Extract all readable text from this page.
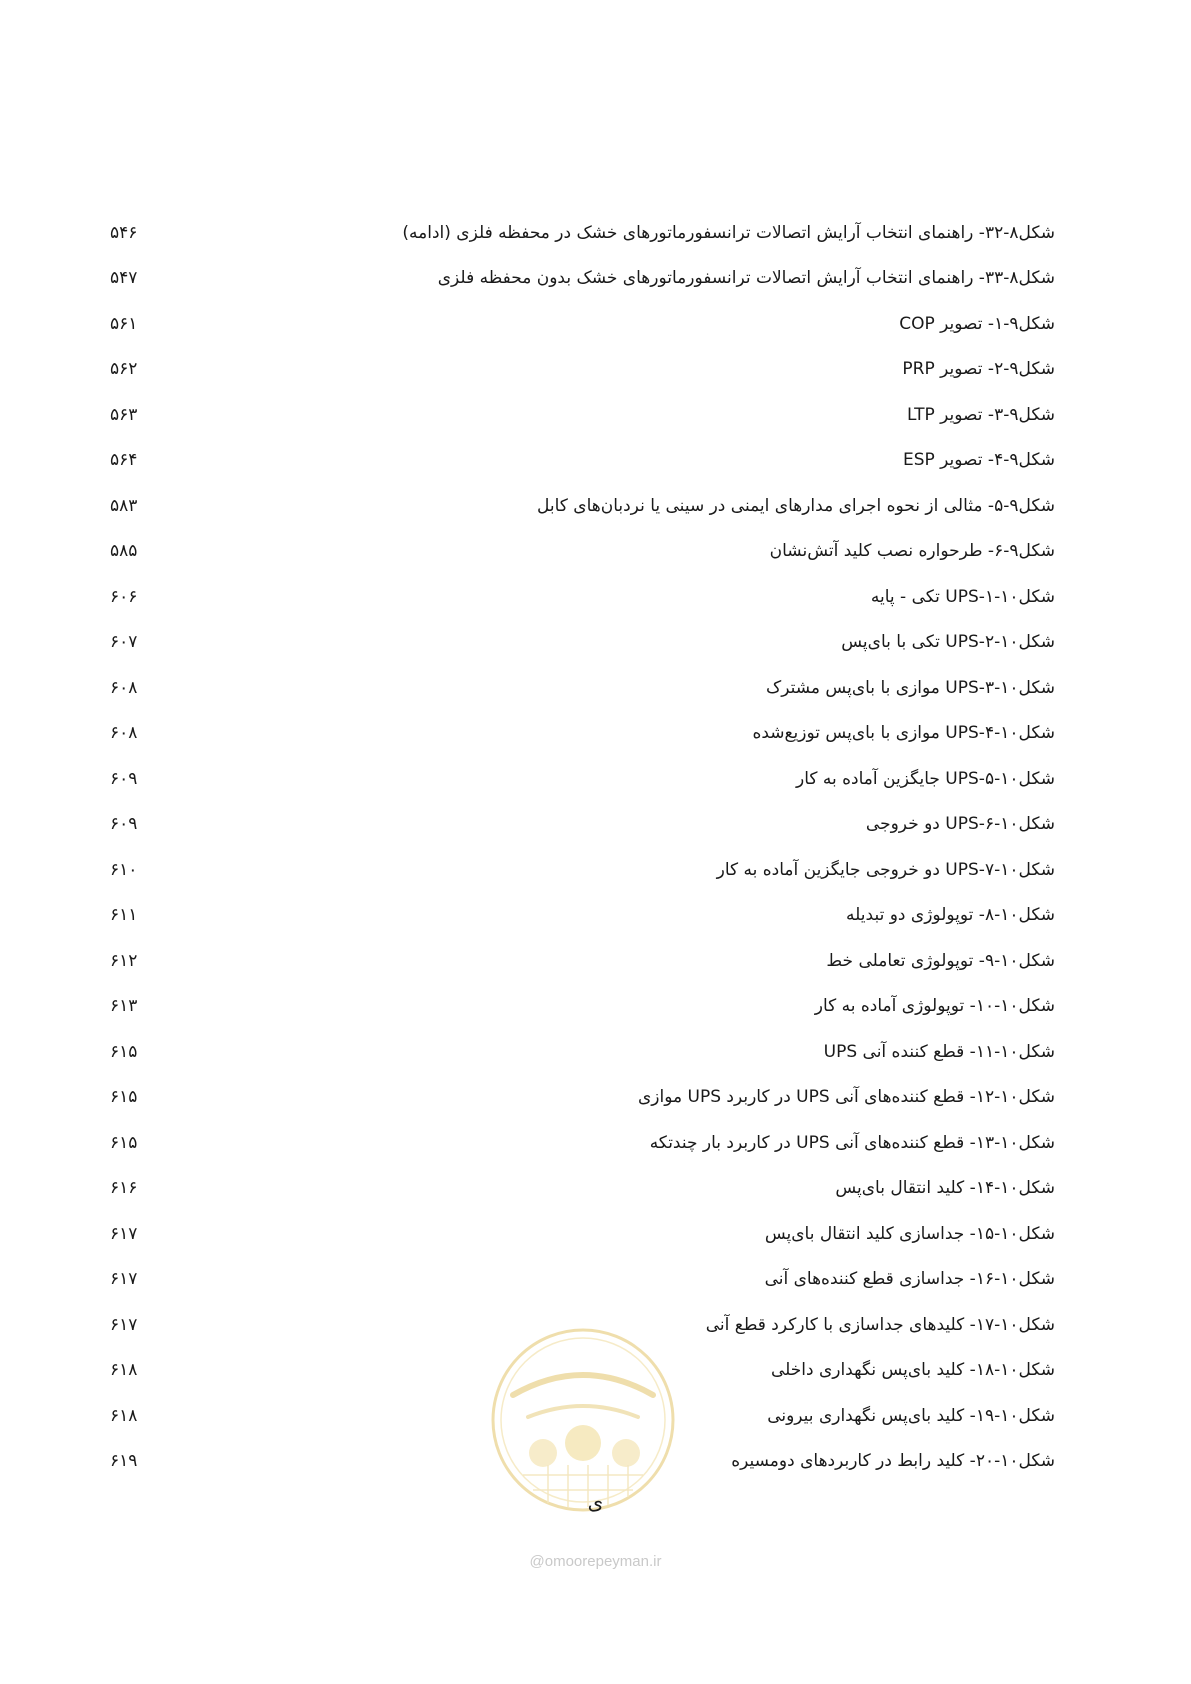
شکل۸-۳۲- راهنمای انتخاب آرایش اتصالات ترانسفورماتورهای خشک در محفظه فلزی (ادامه)
۵۴۶
شکل۸-۳۳- راهنمای انتخاب آرایش اتصالات ترانسفورماتورهای خشک بدون محفظه فلزی
۵۴۷
شکل۹-۱- تصویر COP
۵۶۱
شکل۹-۲- تصویر PRP
۵۶۲
شکل۹-۳- تصویر LTP
۵۶۳
شکل۹-۴- تصویر ESP
۵۶۴
شکل۹-۵- مثالی از نحوه اجرای مدارهای ایمنی در سینی یا نردبان‌های کابل
۵۸۳
شکل۹-۶- طرحواره نصب کلید آتش‌نشان
۵۸۵
شکل۱۰-۱-UPS تکی - پایه
۶۰۶
شکل۱۰-۲-UPS تکی با بای‌پس
۶۰۷
شکل۱۰-۳-UPS موازی با بای‌پس مشترک
۶۰۸
شکل۱۰-۴-UPS موازی با بای‌پس توزیع‌شده
۶۰۸
شکل۱۰-۵-UPS جایگزین آماده به کار
۶۰۹
شکل۱۰-۶-UPS دو خروجی
۶۰۹
شکل۱۰-۷-UPS دو خروجی جایگزین آماده به کار
۶۱۰
شکل۱۰-۸- توپولوژی دو تبدیله
۶۱۱
شکل۱۰-۹- توپولوژی تعاملی خط
۶۱۲
شکل۱۰-۱۰- توپولوژی آماده به کار
۶۱۳
شکل۱۰-۱۱- قطع کننده آنی UPS
۶۱۵
شکل۱۰-۱۲- قطع کننده‌های آنی UPS در کاربرد UPS موازی
۶۱۵
شکل۱۰-۱۳- قطع کننده‌های آنی UPS در کاربرد بار چندتکه
۶۱۵
شکل۱۰-۱۴- کلید انتقال بای‌پس
۶۱۶
شکل۱۰-۱۵- جداسازی کلید انتقال بای‌پس
۶۱۷
شکل۱۰-۱۶- جداسازی قطع کننده‌های آنی
۶۱۷
شکل۱۰-۱۷- کلیدهای جداسازی با کارکرد قطع آنی
۶۱۷
شکل۱۰-۱۸- کلید بای‌پس نگهداری داخلی
۶۱۸
شکل۱۰-۱۹- کلید بای‌پس نگهداری بیرونی
۶۱۸
شکل۱۰-۲۰- کلید رابط در کاربردهای دومسیره
۶۱۹
ی
@omoorepeyman.ir
